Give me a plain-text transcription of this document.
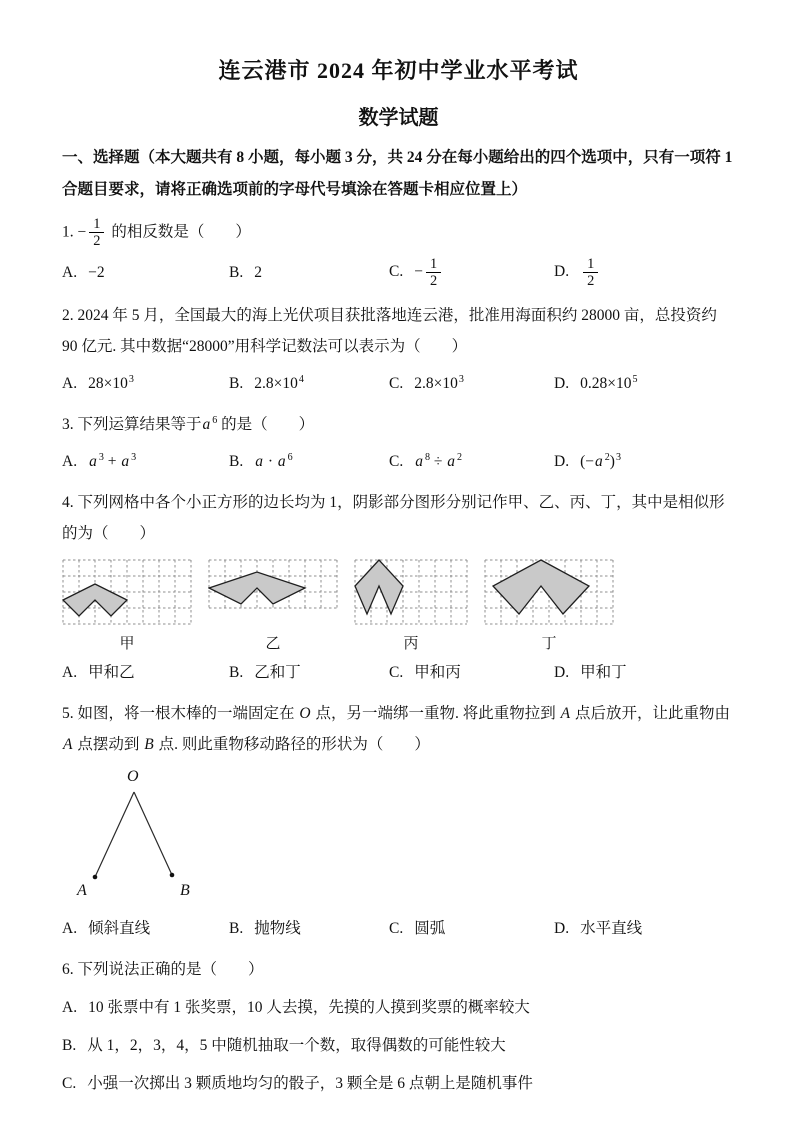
连云港市 2024 年初中学业水平考试
数学试题

一、选择题（本大题共有 8 小题，每小题 3 分，共 24 分在每小题给出的四个选项中，只有一项符 1 合题目要求，请将正确选项前的字母代号填涂在答题卡相应位置上）

1. − $\frac{1}{2}$ 的相反数是（　　）

A. −2	B. 2	C. − $\frac{1}{2}$	D. $\frac{1}{2}$

2. 2024 年 5 月，全国最大的海上光伏项目获批落地连云港，批准用海面积约 28000 亩，总投资约 90 亿元. 其中数据“28000”用科学记数法可以表示为（　　）

A. $28\times 10^3$	B. $2.8\times 10^4$	C. $2.8\times 10^3$	D. $0.28\times 10^5$

3. 下列运算结果等于a $^6$ 的是（　　）

A. a $^3$ + a $^3$	B. a · a $^6$	C. a $^8$ ÷ a $^2$	D. (−a $^2$)$^3$

4. 下列网格中各个小正方形的边长均为 1，阴影部分图形分别记作甲、乙、丙、丁，其中是相似形的为（　　）

甲	乙	丙	丁
A. 甲和乙	B. 乙和丁	C. 甲和丙	D. 甲和丁

5. 如图，将一根木棒的一端固定在 O 点，另一端绑一重物. 将此重物拉到 A 点后放开，让此重物由 A 点摆动到 B 点. 则此重物移动路径的形状为（　　）

O
A	B
A. 倾斜直线	B. 抛物线	C. 圆弧	D. 水平直线

6. 下列说法正确的是（　　）

A. 10 张票中有 1 张奖票，10 人去摸，先摸的人摸到奖票的概率较大
B. 从 1，2，3，4，5 中随机抽取一个数，取得偶数的可能性较大
C. 小强一次掷出 3 颗质地均匀的骰子，3 颗全是 6 点朝上是随机事件
